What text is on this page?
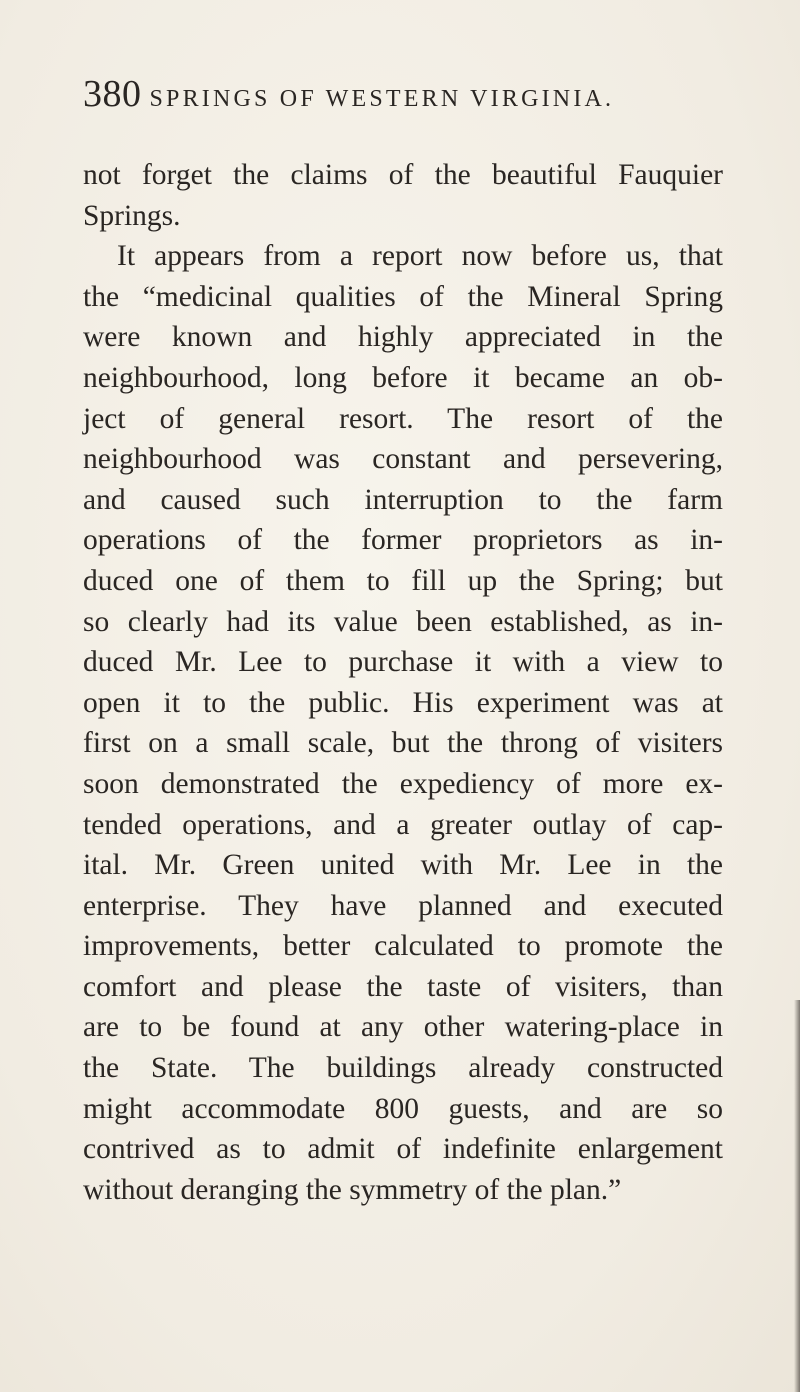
380 SPRINGS OF WESTERN VIRGINIA.
not forget the claims of the beautiful Fauquier
Springs.
It appears from a report now before us, that
the “medicinal qualities of the Mineral Spring
were known and highly appreciated in the
neighbourhood, long before it became an ob-
ject of general resort. The resort of the
neighbourhood was constant and persevering,
and caused such interruption to the farm
operations of the former proprietors as in-
duced one of them to fill up the Spring; but
so clearly had its value been established, as in-
duced Mr. Lee to purchase it with a view to
open it to the public. His experiment was at
first on a small scale, but the throng of visiters
soon demonstrated the expediency of more ex-
tended operations, and a greater outlay of cap-
ital. Mr. Green united with Mr. Lee in the
enterprise. They have planned and executed
improvements, better calculated to promote the
comfort and please the taste of visiters, than
are to be found at any other watering-place in
the State. The buildings already constructed
might accommodate 800 guests, and are so
contrived as to admit of indefinite enlargement
without deranging the symmetry of the plan.”
